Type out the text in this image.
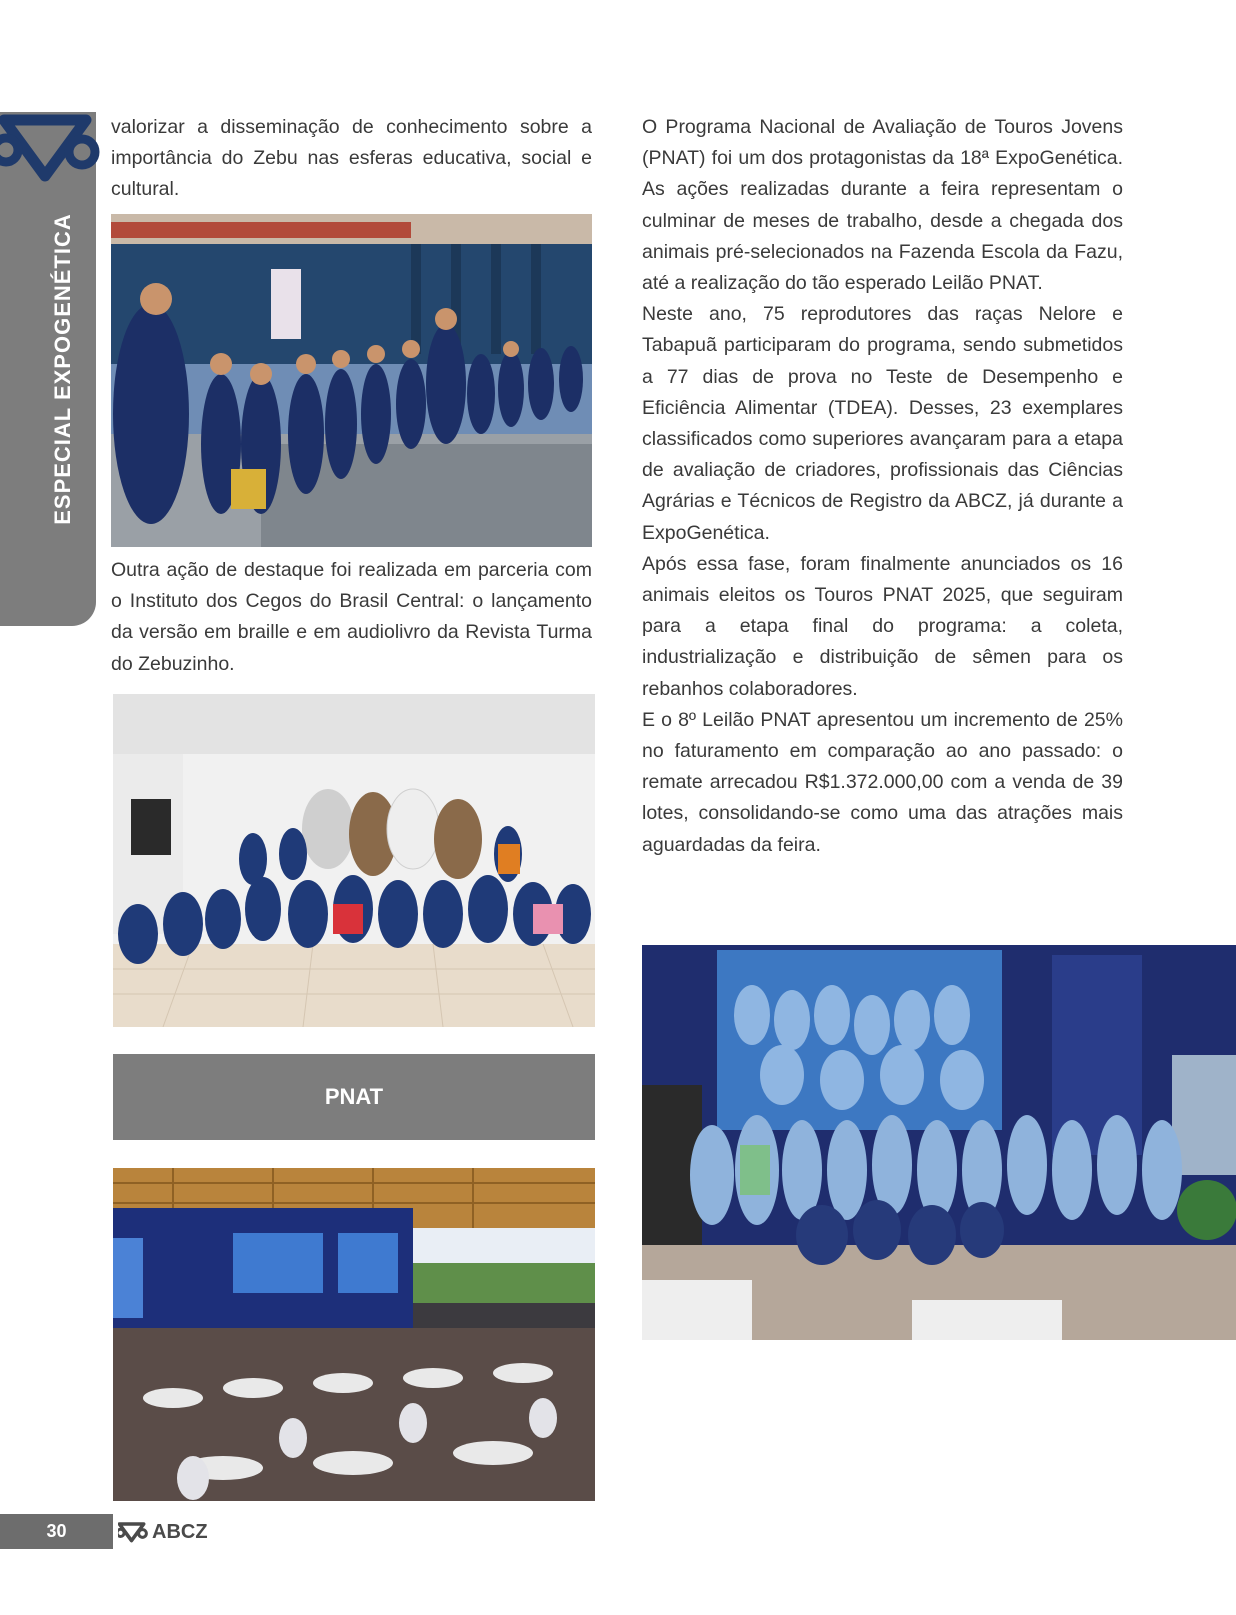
ESPECIAL EXPOGENÉTICA

valorizar a disseminação de conhecimento sobre a importância do Zebu nas esferas educativa, social e cultural.

Outra ação de destaque foi realizada em parceria com o Instituto dos Cegos do Brasil Central: o lançamento da versão em braille e em audiolivro da Revista Turma do Zebuzinho.

PNAT

O Programa Nacional de Avaliação de Touros Jovens (PNAT) foi um dos protagonistas da 18ª ExpoGenética. As ações realizadas durante a feira representam o culminar de meses de trabalho, desde a chegada dos animais pré-selecionados na Fazenda Escola da Fazu, até a realização do tão esperado Leilão PNAT.

Neste ano, 75 reprodutores das raças Nelore e Tabapuã participaram do programa, sendo submetidos a 77 dias de prova no Teste de Desempenho e Eficiência Alimentar (TDEA). Desses, 23 exemplares classificados como superiores avançaram para a etapa de avaliação de criadores, profissionais das Ciências Agrárias e Técnicos de Registro da ABCZ, já durante a ExpoGenética.

Após essa fase, foram finalmente anunciados os 16 animais eleitos os Touros PNAT 2025, que seguiram para a etapa final do programa: a coleta, industrialização e distribuição de sêmen para os rebanhos colaboradores.

E o 8º Leilão PNAT apresentou um incremento de 25% no faturamento em comparação ao ano passado: o remate arrecadou R$1.372.000,00 com a venda de 39 lotes, consolidando-se como uma das atrações mais aguardadas da feira.

30	ABCZ
